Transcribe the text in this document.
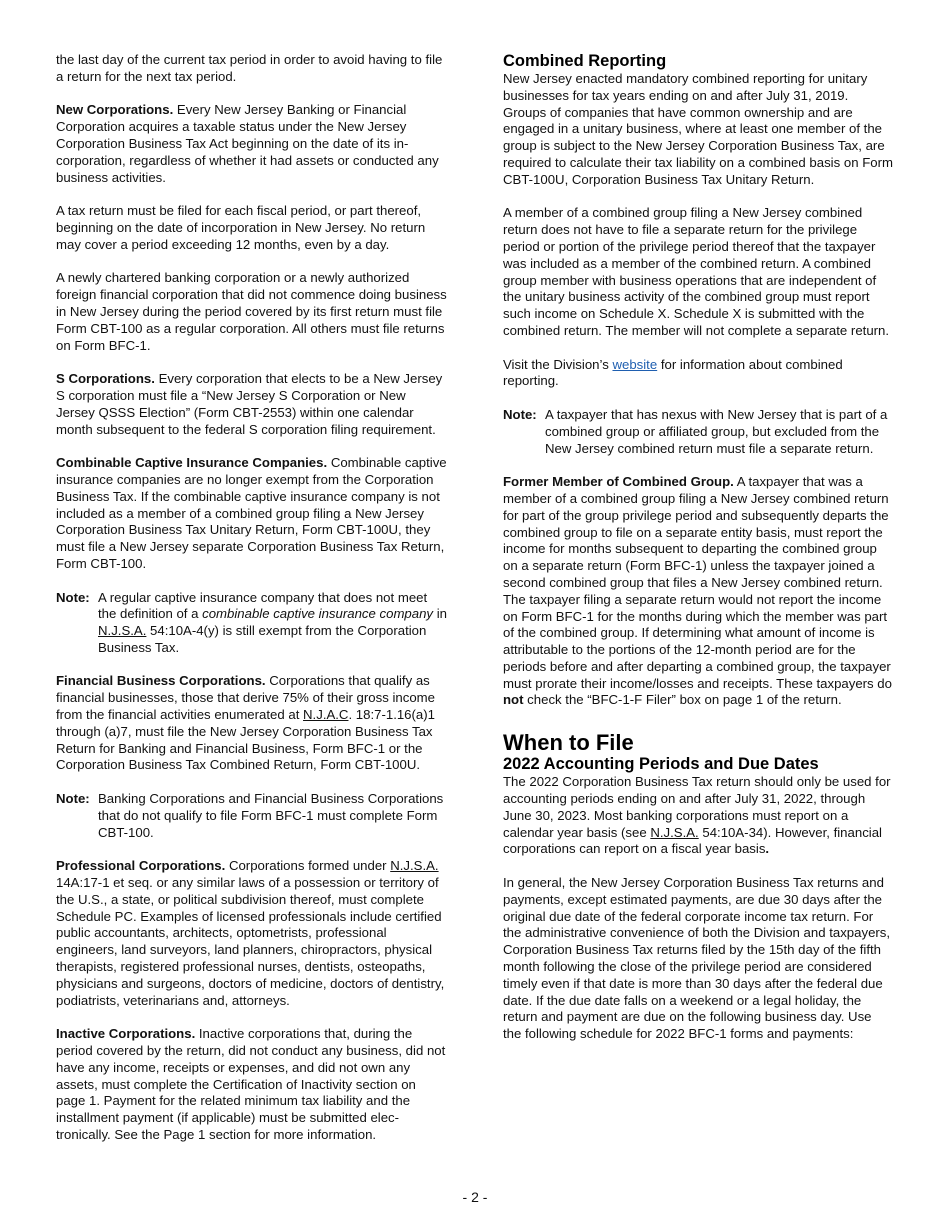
the last day of the current tax period in order to avoid having to file a return for the next tax period.

New Corporations. Every New Jersey Banking or Financial Corporation acquires a taxable status under the New Jersey Corporation Business Tax Act beginning on the date of its incorporation, regardless of whether it had assets or conducted any business activities.

A tax return must be filed for each fiscal period, or part thereof, beginning on the date of incorporation in New Jersey. No return may cover a period exceeding 12 months, even by a day.

A newly chartered banking corporation or a newly authorized foreign financial corporation that did not commence doing business in New Jersey during the period covered by its first return must file Form CBT-100 as a regular corporation. All others must file returns on Form BFC-1.

S Corporations. Every corporation that elects to be a New Jersey S corporation must file a “New Jersey S Corporation or New Jersey QSSS Election” (Form CBT-2553) within one calendar month subsequent to the federal S corporation filing requirement.

Combinable Captive Insurance Companies. Combinable captive insurance companies are no longer exempt from the Corporation Business Tax. If the combinable captive insurance company is not included as a member of a combined group filing a New Jersey Corporation Business Tax Unitary Return, Form CBT-100U, they must file a New Jersey separate Corporation Business Tax Return, Form CBT-100.

Note: A regular captive insurance company that does not meet the definition of a combinable captive insurance company in N.J.S.A. 54:10A-4(y) is still exempt from the Corporation Business Tax.

Financial Business Corporations. Corporations that qualify as financial businesses, those that derive 75% of their gross income from the financial activities enumerated at N.J.A.C. 18:7-1.16(a)1 through (a)7, must file the New Jersey Corporation Business Tax Return for Banking and Financial Business, Form BFC-1 or the Corporation Business Tax Combined Return, Form CBT-100U.

Note: Banking Corporations and Financial Business Corporations that do not qualify to file Form BFC-1 must complete Form CBT-100.

Professional Corporations. Corporations formed under N.J.S.A. 14A:17-1 et seq. or any similar laws of a possession or territory of the U.S., a state, or political subdivision thereof, must complete Schedule PC. Examples of licensed professionals include certified public accountants, architects, optometrists, professional engineers, land surveyors, land planners, chiropractors, physical therapists, registered professional nurses, dentists, osteopaths, physicians and surgeons, doctors of medicine, doctors of dentistry, podiatrists, veterinarians and, attorneys.

Inactive Corporations. Inactive corporations that, during the period covered by the return, did not conduct any business, did not have any income, receipts or expenses, and did not own any assets, must complete the Certification of Inactivity section on page 1. Payment for the related minimum tax liability and the installment payment (if applicable) must be submitted electronically. See the Page 1 section for more information.

Combined Reporting

New Jersey enacted mandatory combined reporting for unitary businesses for tax years ending on and after July 31, 2019. Groups of companies that have common ownership and are engaged in a unitary business, where at least one member of the group is subject to the New Jersey Corporation Business Tax, are required to calculate their tax liability on a combined basis on Form CBT-100U, Corporation Business Tax Unitary Return.

A member of a combined group filing a New Jersey combined return does not have to file a separate return for the privilege period or portion of the privilege period thereof that the taxpayer was included as a member of the combined return. A combined group member with business operations that are independent of the unitary business activity of the combined group must report such income on Schedule X. Schedule X is submitted with the combined return. The member will not complete a separate return.

Visit the Division’s website for information about combined reporting.

Note: A taxpayer that has nexus with New Jersey that is part of a combined group or affiliated group, but excluded from the New Jersey combined return must file a separate return.

Former Member of Combined Group. A taxpayer that was a member of a combined group filing a New Jersey combined return for part of the group privilege period and subsequently departs the combined group to file on a separate entity basis, must report the income for months subsequent to departing the combined group on a separate return (Form BFC-1) unless the taxpayer joined a second combined group that files a New Jersey combined return. The taxpayer filing a separate return would not report the income on Form BFC-1 for the months during which the member was part of the combined group. If determining what amount of income is attributable to the portions of the 12-month period are for the periods before and after departing a combined group, the taxpayer must prorate their income/losses and receipts. These taxpayers do not check the “BFC-1-F Filer” box on page 1 of the return.

When to File
2022 Accounting Periods and Due Dates

The 2022 Corporation Business Tax return should only be used for accounting periods ending on and after July 31, 2022, through June 30, 2023. Most banking corporations must report on a calendar year basis (see N.J.S.A. 54:10A-34). However, financial corporations can report on a fiscal year basis.

In general, the New Jersey Corporation Business Tax returns and payments, except estimated payments, are due 30 days after the original due date of the federal corporate income tax return. For the administrative convenience of both the Division and taxpayers, Corporation Business Tax returns filed by the 15th day of the fifth month following the close of the privilege period are considered timely even if that date is more than 30 days after the federal due date. If the due date falls on a weekend or a legal holiday, the return and payment are due on the following business day. Use the following schedule for 2022 BFC-1 forms and payments:

- 2 -
